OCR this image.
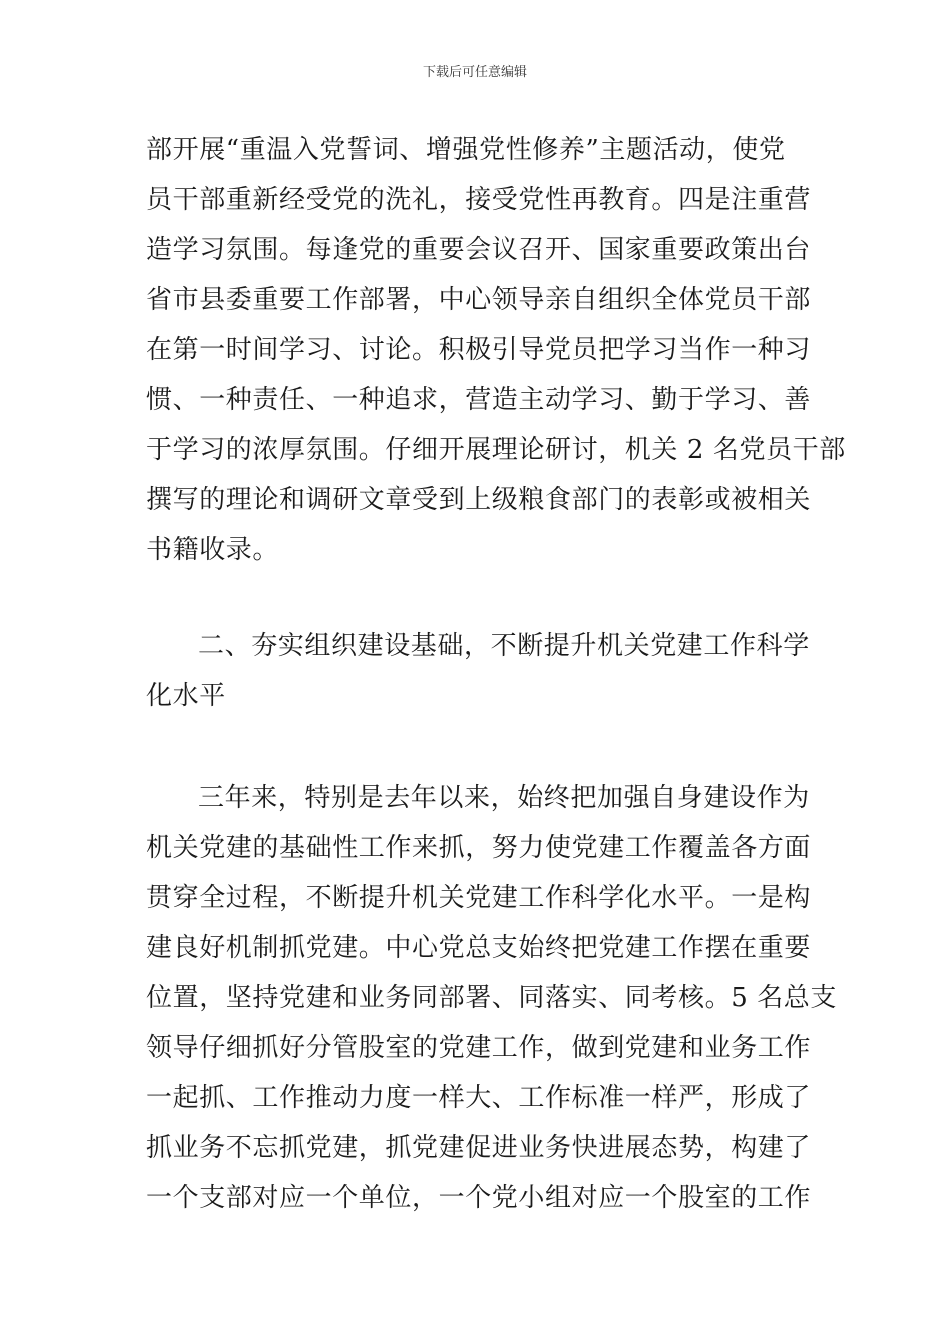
下载后可任意编辑
部开展“重温入党誓词、增强党性修养”主题活动，使党
员干部重新经受党的洗礼，接受党性再教育。四是注重营
造学习氛围。每逢党的重要会议召开、国家重要政策出台
省市县委重要工作部署，中心领导亲自组织全体党员干部
在第一时间学习、讨论。积极引导党员把学习当作一种习
惯、一种责任、一种追求，营造主动学习、勤于学习、善
于学习的浓厚氛围。仔细开展理论研讨，机关 2 名党员干部
撰写的理论和调研文章受到上级粮食部门的表彰或被相关
书籍收录。
二、夯实组织建设基础，不断提升机关党建工作科学
化水平
三年来，特别是去年以来，始终把加强自身建设作为
机关党建的基础性工作来抓，努力使党建工作覆盖各方面
贯穿全过程，不断提升机关党建工作科学化水平。一是构
建良好机制抓党建。中心党总支始终把党建工作摆在重要
位置，坚持党建和业务同部署、同落实、同考核。5 名总支
领导仔细抓好分管股室的党建工作，做到党建和业务工作
一起抓、工作推动力度一样大、工作标准一样严，形成了
抓业务不忘抓党建，抓党建促进业务快进展态势，构建了
一个支部对应一个单位，一个党小组对应一个股室的工作
